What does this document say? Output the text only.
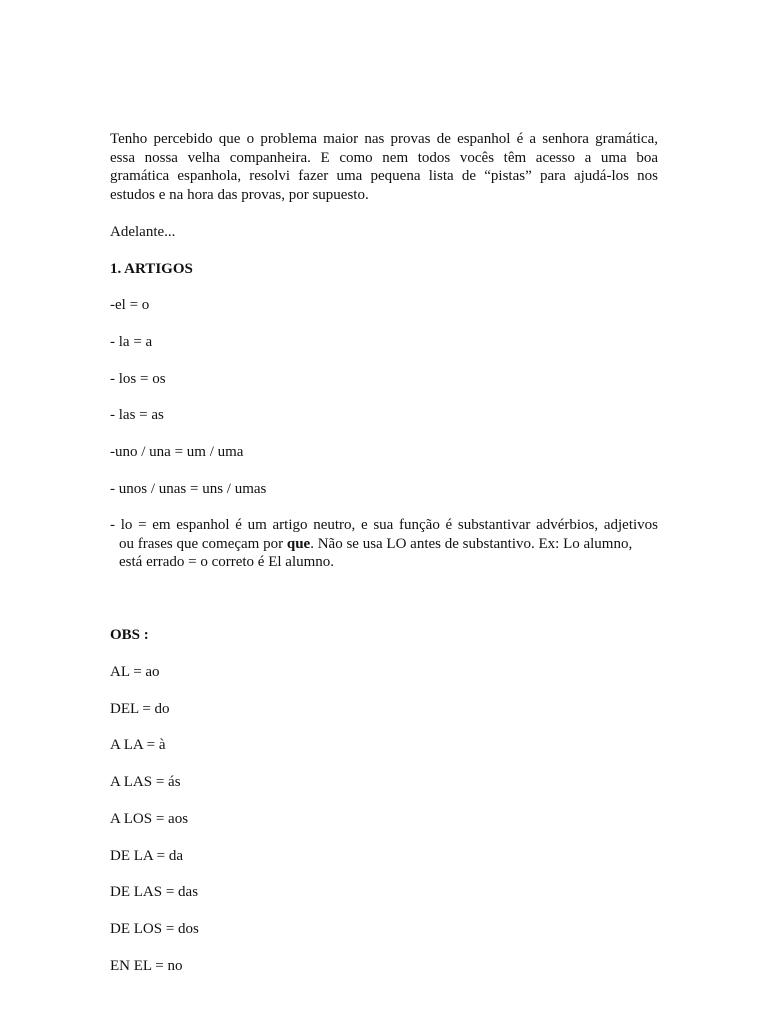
Tenho percebido que o problema maior nas provas de espanhol é a senhora gramática,
essa nossa velha companheira. E como nem todos vocês têm acesso a uma boa
gramática espanhola, resolvi fazer uma pequena lista de “pistas” para ajudá-los nos
estudos e na hora das provas, por supuesto.

Adelante...

1. ARTIGOS

-el = o

- la = a

- los = os

- las = as

-uno / una = um / uma

- unos / unas = uns / umas

- lo = em espanhol é um artigo neutro, e sua função é substantivar advérbios, adjetivos
ou frases que começam por que. Não se usa LO antes de substantivo. Ex: Lo alumno,
está errado = o correto é El alumno.

OBS :

AL = ao

DEL = do

A LA = à

A LAS = ás

A LOS = aos

DE LA = da

DE LAS = das

DE LOS = dos

EN EL = no
